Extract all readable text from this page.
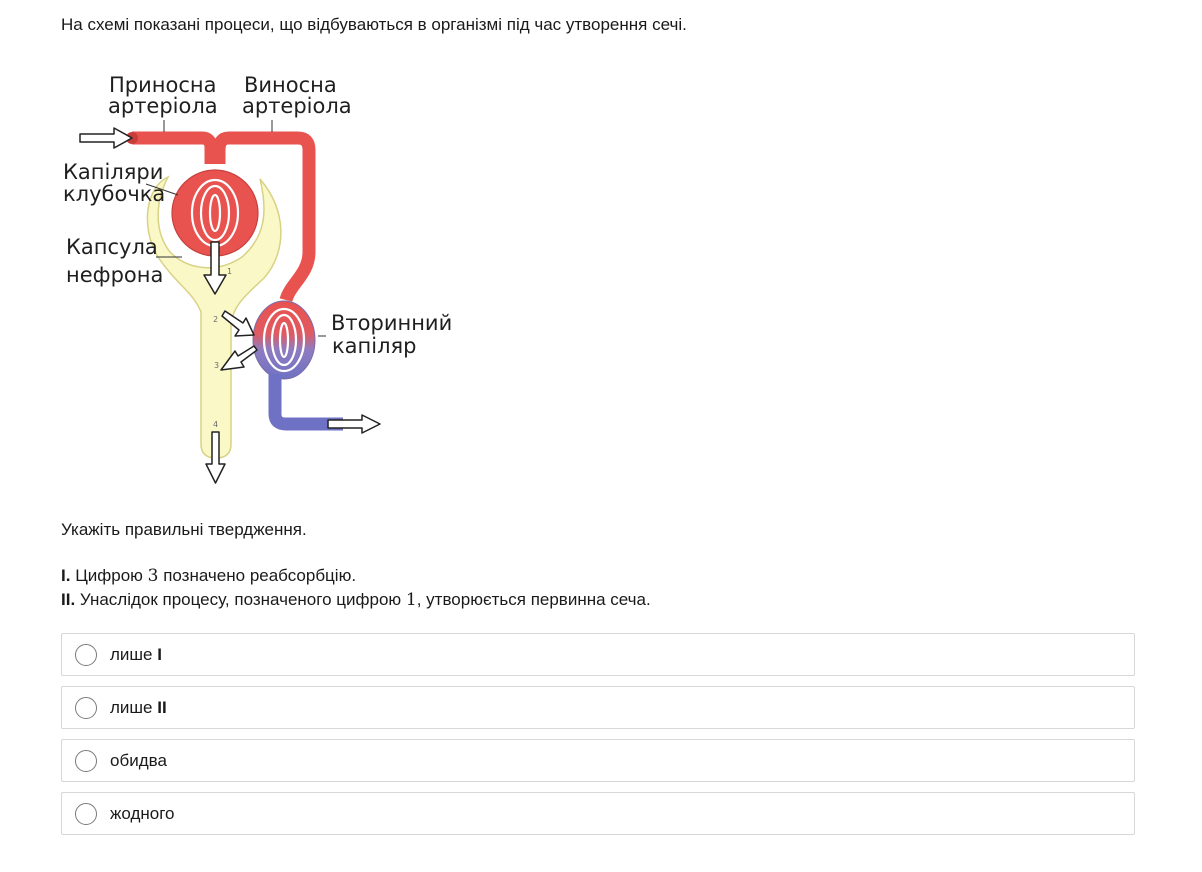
На схемі показані процеси, що відбуваються в організмі під час утворення сечі.

1
2
3
4
Приносна
артеріола
Виносна
артеріола
Капіляри
клубочка
Капсула
нефрона
Вторинний
капіляр

Укажіть правильні твердження.

I. Цифрою 3 позначено реабсорбцію.
II. Унаслідок процесу, позначеного цифрою 1, утворюється первинна сеча.

лише I
лише II
обидва
жодного
